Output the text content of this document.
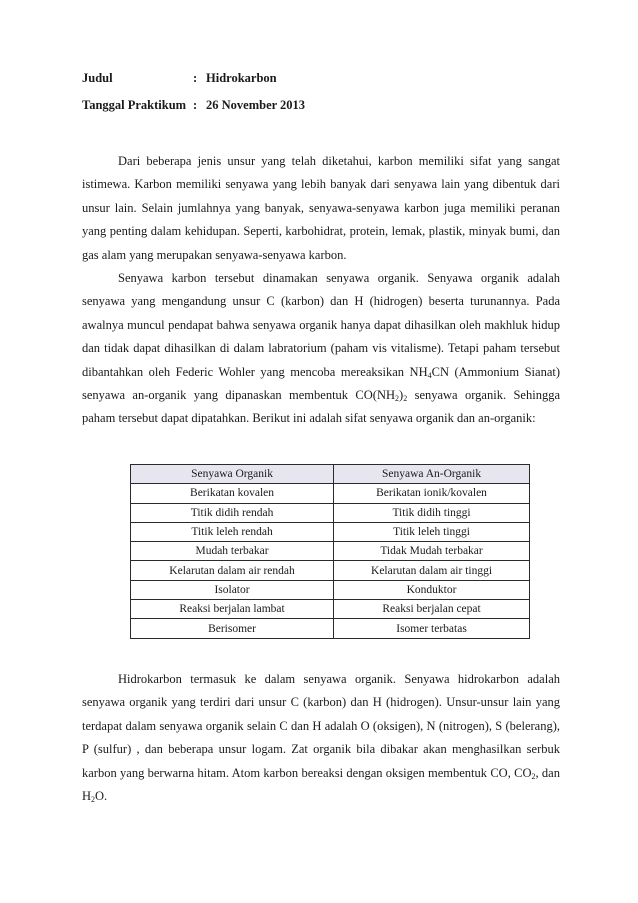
Judul	: Hidrokarbon
Tanggal Praktikum : 26 November 2013

Dari beberapa jenis unsur yang telah diketahui, karbon memiliki sifat yang sangat istimewa. Karbon memiliki senyawa yang lebih banyak dari senyawa lain yang dibentuk dari unsur lain. Selain jumlahnya yang banyak, senyawa-senyawa karbon juga memiliki peranan yang penting dalam kehidupan. Seperti, karbohidrat, protein, lemak, plastik, minyak bumi, dan gas alam yang merupakan senyawa-senyawa karbon.

Senyawa karbon tersebut dinamakan senyawa organik. Senyawa organik adalah senyawa yang mengandung unsur C (karbon) dan H (hidrogen) beserta turunannya. Pada awalnya muncul pendapat bahwa senyawa organik hanya dapat dihasilkan oleh makhluk hidup dan tidak dapat dihasilkan di dalam labratorium (paham vis vitalisme). Tetapi paham tersebut dibantahkan oleh Federic Wohler yang mencoba mereaksikan $NH_4CN$ (Ammonium Sianat) senyawa an-organik yang dipanaskan membentuk $CO(NH_2)_2$ senyawa organik. Sehingga paham tersebut dapat dipatahkan. Berikut ini adalah sifat senyawa organik dan an-organik:

Senyawa Organik	Senyawa An-Organik
Berikatan kovalen	Berikatan ionik/kovalen
Titik didih rendah	Titik didih tinggi
Titik leleh rendah	Titik leleh tinggi
Mudah terbakar	Tidak Mudah terbakar
Kelarutan dalam air rendah	Kelarutan dalam air tinggi
Isolator	Konduktor
Reaksi berjalan lambat	Reaksi berjalan cepat
Berisomer	Isomer terbatas

Hidrokarbon termasuk ke dalam senyawa organik. Senyawa hidrokarbon adalah senyawa organik yang terdiri dari unsur C (karbon) dan H (hidrogen). Unsur-unsur lain yang terdapat dalam senyawa organik selain C dan H adalah O (oksigen), N (nitrogen), S (belerang), P (sulfur) , dan beberapa unsur logam. Zat organik bila dibakar akan menghasilkan serbuk karbon yang berwarna hitam. Atom karbon bereaksi dengan oksigen membentuk CO, $CO_2$, dan $H_2O$.
